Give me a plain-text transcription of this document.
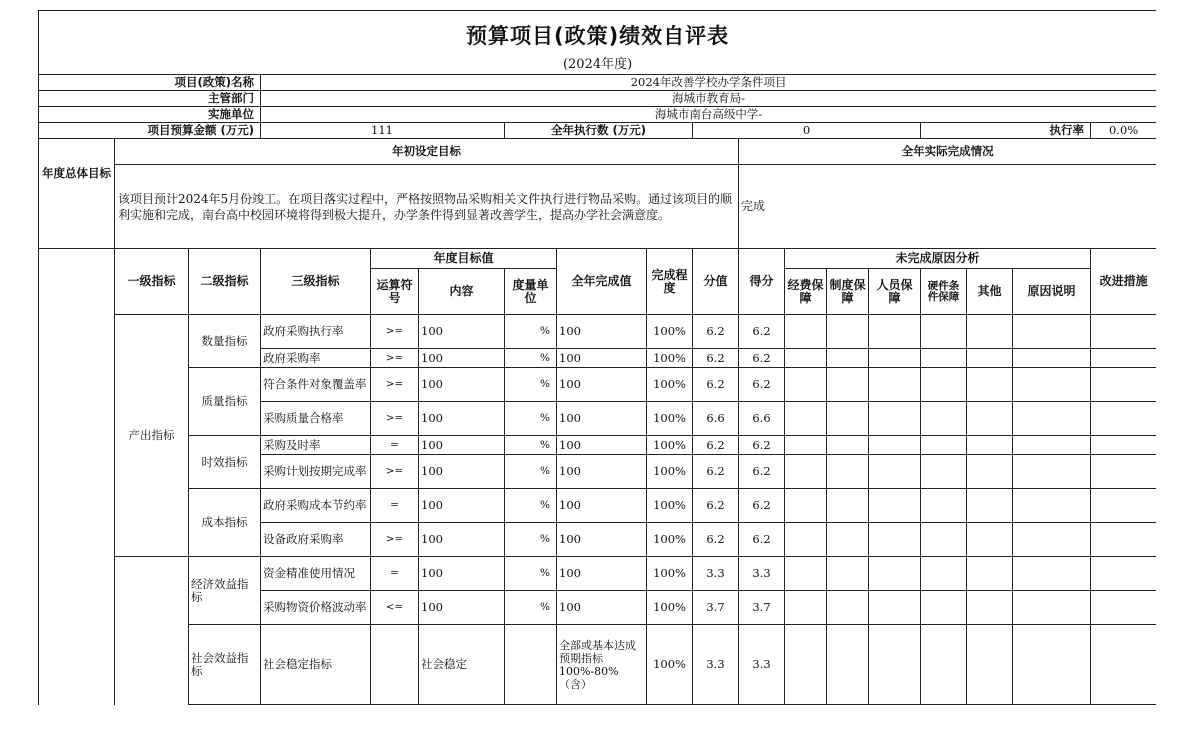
预算项目(政策)绩效自评表																	
(2024年度)																	
项目(政策)名称			2024年改善学校办学条件项目														
主管部门			海城市教育局-														
实施单位			海城市南台高级中学-														
项目预算金额 (万元)			111			全年执行数 (万元)			0					执行率			0.0%
年度总体目标	年初设定目标									全年实际完成情况							
	该项目预计2024年5月份竣工。在项目落实过程中，严格按照物品采购相关文件执行进行物品采购。通过该项目的顺利实施和完成，南台高中校园环境将得到极大提升，办学条件得到显著改善学生，提高办学社会满意度。									完成							
	一级指标	二级指标	三级指标	年度目标值			全年完成值	完成程度	分值	得分	未完成原因分析						改进措施
				运算符号	内容	度量单位					经费保障	制度保障	人员保障	硬件条件保障	其他	原因说明	
	产出指标	数量指标	政府采购执行率	>=	100	%	100	100%	6.2	6.2							
			政府采购率	>=	100	%	100	100%	6.2	6.2							
		质量指标	符合条件对象覆盖率	>=	100	%	100	100%	6.2	6.2							
			采购质量合格率	>=	100	%	100	100%	6.6	6.6							
		时效指标	采购及时率	=	100	%	100	100%	6.2	6.2							
			采购计划按期完成率	>=	100	%	100	100%	6.2	6.2							
		成本指标	政府采购成本节约率	=	100	%	100	100%	6.2	6.2							
			设备政府采购率	>=	100	%	100	100%	6.2	6.2							
		经济效益指标	资金精准使用情况	=	100	%	100	100%	3.3	3.3							
			采购物资价格波动率	<=	100	%	100	100%	3.7	3.7							
		社会效益指标	社会稳定指标		社会稳定		全部或基本达成预期指标100%-80%（含）	100%	3.3	3.3							
